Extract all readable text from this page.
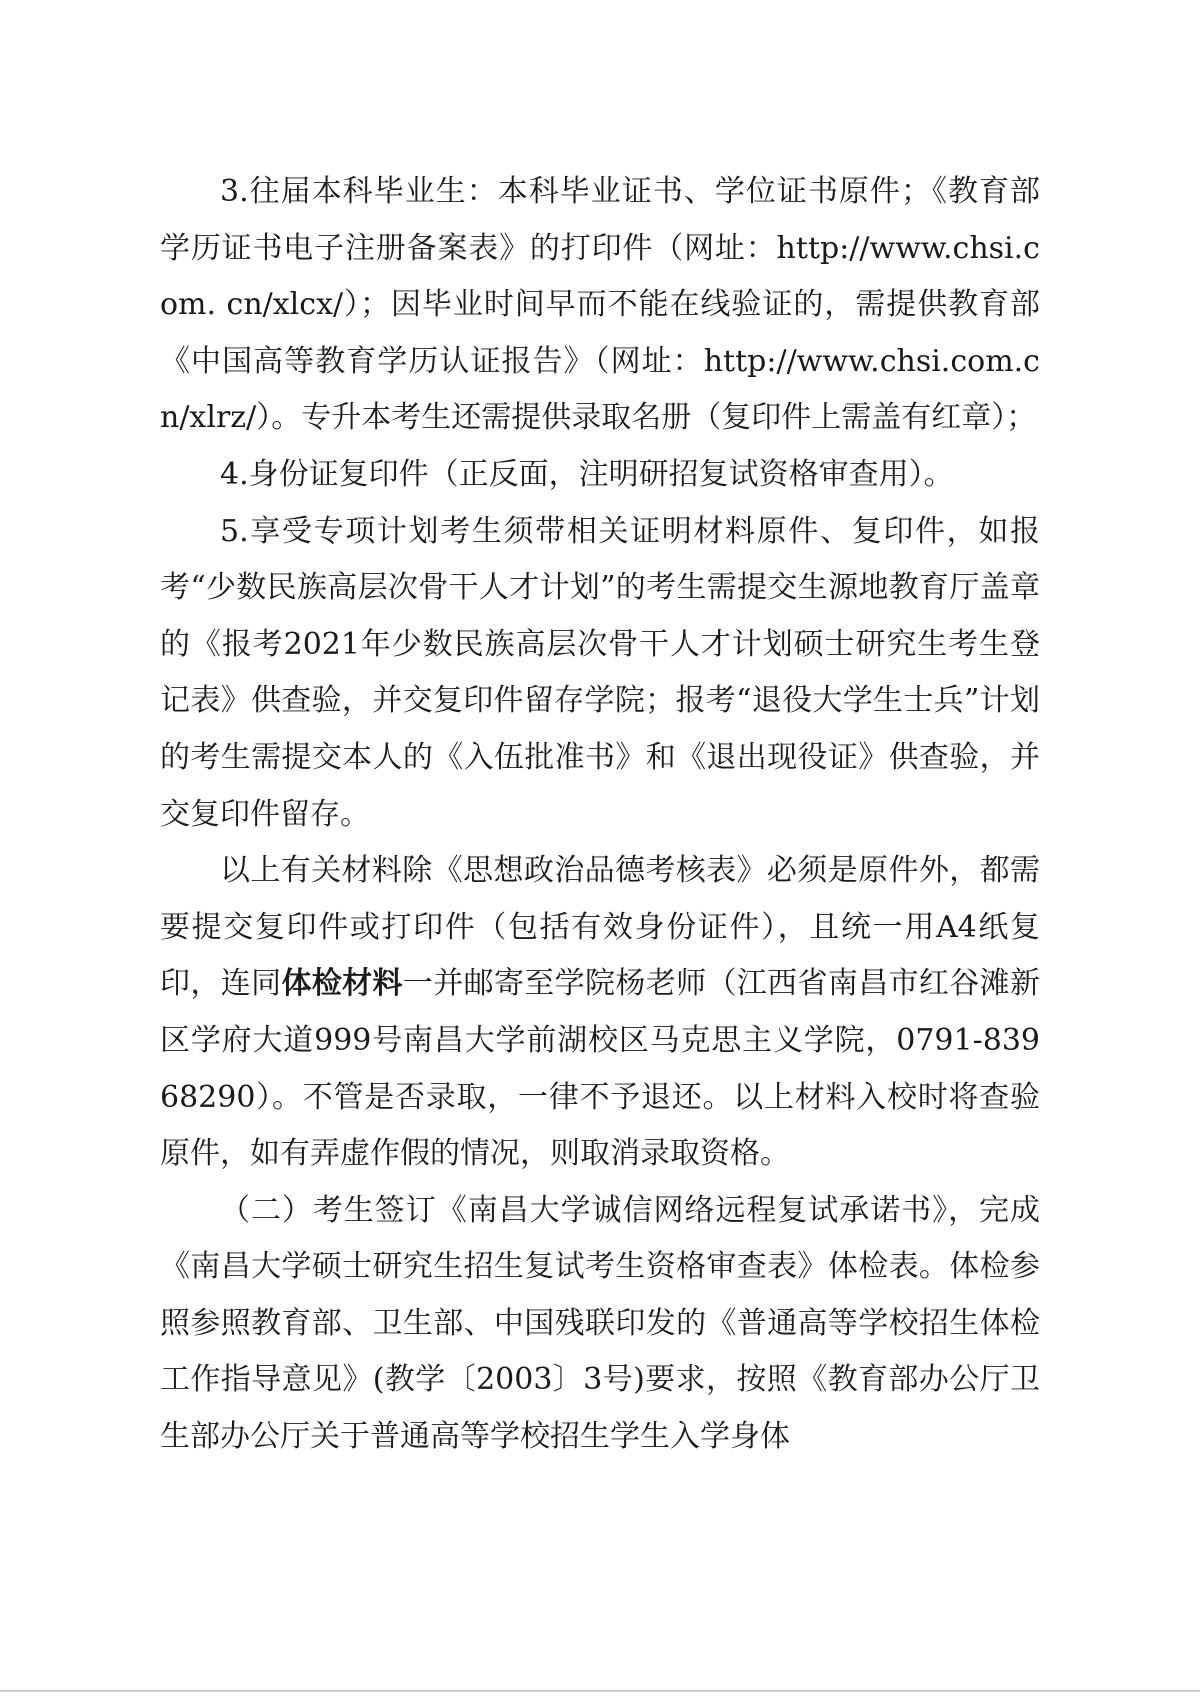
3.往届本科毕业生：本科毕业证书、学位证书原件；《教育部学历证书电子注册备案表》的打印件（网址：http://www.chsi.com. cn/xlcx/）；因毕业时间早而不能在线验证的，需提供教育部《中国高等教育学历认证报告》（网址：http://www.chsi.com.cn/xlrz/）。专升本考生还需提供录取名册（复印件上需盖有红章）；

4.身份证复印件（正反面，注明研招复试资格审查用）。

5.享受专项计划考生须带相关证明材料原件、复印件，如报考“少数民族高层次骨干人才计划”的考生需提交生源地教育厅盖章的《报考2021年少数民族高层次骨干人才计划硕士研究生考生登记表》供查验，并交复印件留存学院；报考“退役大学生士兵”计划的考生需提交本人的《入伍批准书》和《退出现役证》供查验，并交复印件留存。

以上有关材料除《思想政治品德考核表》必须是原件外，都需要提交复印件或打印件（包括有效身份证件），且统一用A4纸复印，连同体检材料一并邮寄至学院杨老师（江西省南昌市红谷滩新区学府大道999号南昌大学前湖校区马克思主义学院，0791-83968290）。不管是否录取，一律不予退还。以上材料入校时将查验原件，如有弄虚作假的情况，则取消录取资格。

（二）考生签订《南昌大学诚信网络远程复试承诺书》，完成《南昌大学硕士研究生招生复试考生资格审查表》体检表。体检参照参照教育部、卫生部、中国残联印发的《普通高等学校招生体检工作指导意见》(教学〔2003〕3号)要求，按照《教育部办公厅卫生部办公厅关于普通高等学校招生学生入学身体
